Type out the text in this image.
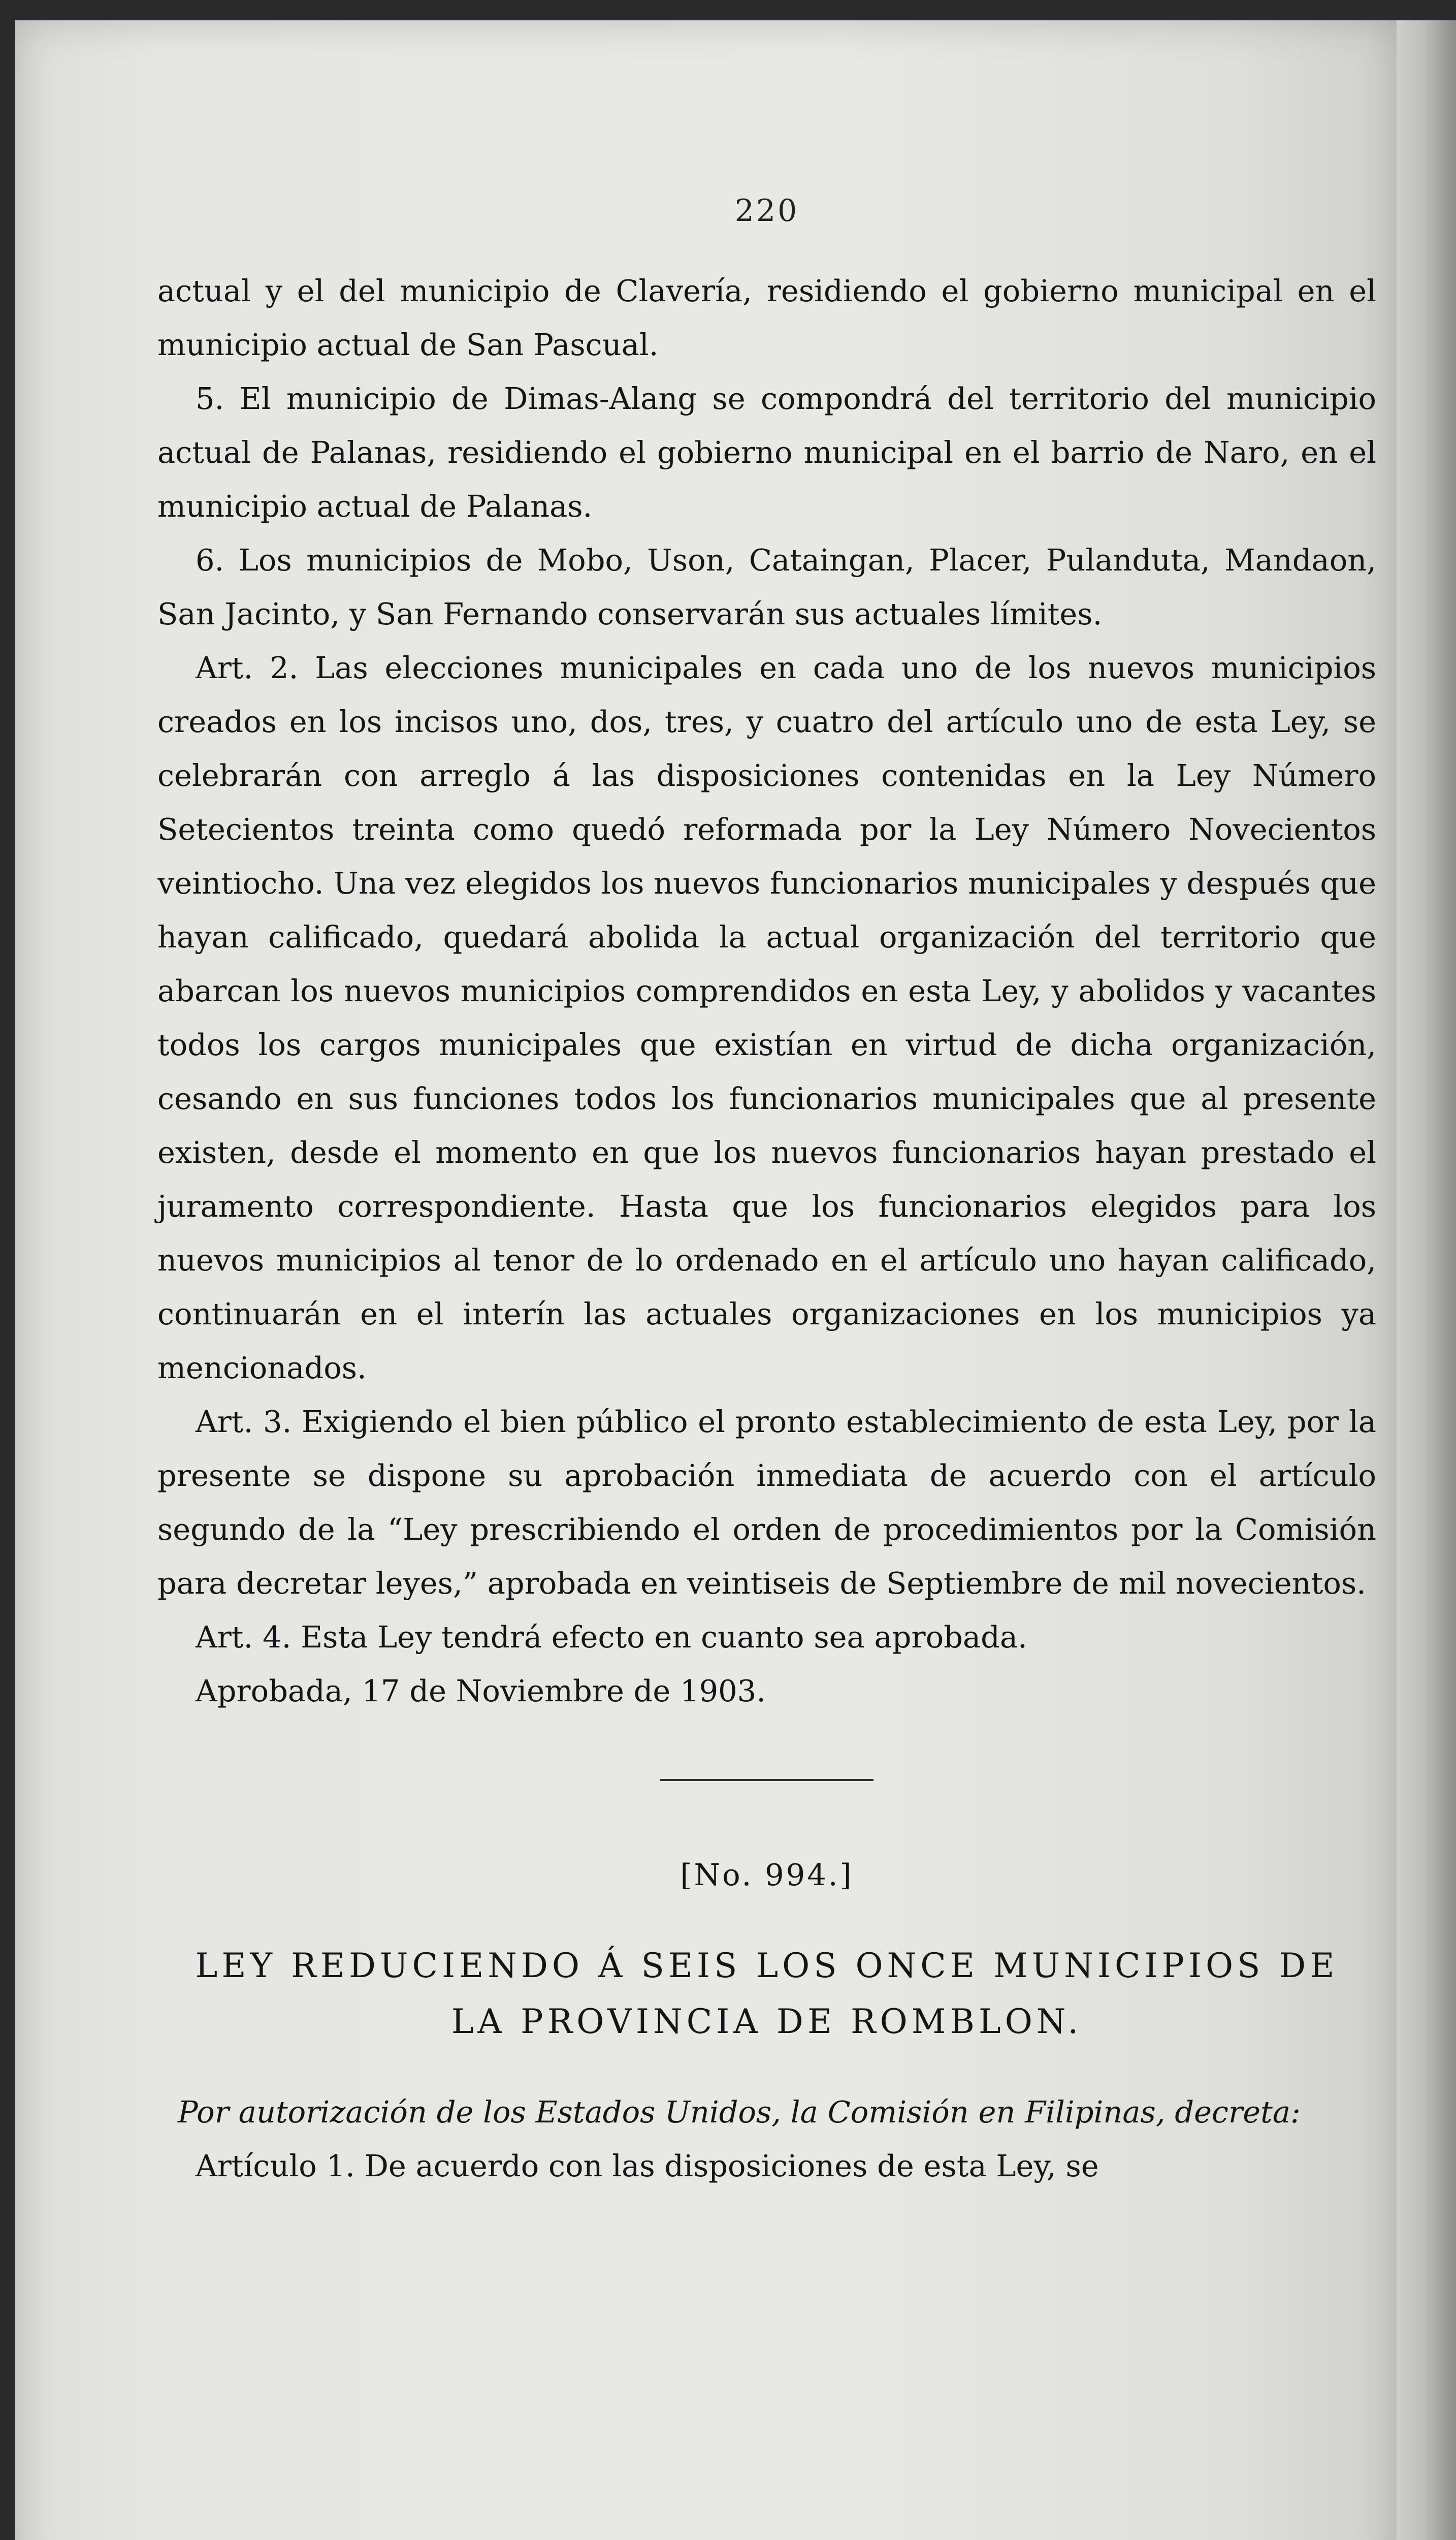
220

actual y el del municipio de Clavería, residiendo el gobierno municipal en el municipio actual de San Pascual.

5. El municipio de Dimas-Alang se compondrá del territorio del municipio actual de Palanas, residiendo el gobierno municipal en el barrio de Naro, en el municipio actual de Palanas.

6. Los municipios de Mobo, Uson, Cataingan, Placer, Pulanduta, Mandaon, San Jacinto, y San Fernando conservarán sus actuales límites.

Art. 2. Las elecciones municipales en cada uno de los nuevos municipios creados en los incisos uno, dos, tres, y cuatro del artículo uno de esta Ley, se celebrarán con arreglo á las disposiciones contenidas en la Ley Número Setecientos treinta como quedó reformada por la Ley Número Novecientos veintiocho. Una vez elegidos los nuevos funcionarios municipales y después que hayan calificado, quedará abolida la actual organización del territorio que abarcan los nuevos municipios comprendidos en esta Ley, y abolidos y vacantes todos los cargos municipales que existían en virtud de dicha organización, cesando en sus funciones todos los funcionarios municipales que al presente existen, desde el momento en que los nuevos funcionarios hayan prestado el juramento correspondiente. Hasta que los funcionarios elegidos para los nuevos municipios al tenor de lo ordenado en el artículo uno hayan calificado, continuarán en el interín las actuales organizaciones en los municipios ya mencionados.

Art. 3. Exigiendo el bien público el pronto establecimiento de esta Ley, por la presente se dispone su aprobación inmediata de acuerdo con el artículo segundo de la “Ley prescribiendo el orden de procedimientos por la Comisión para decretar leyes,” aprobada en veintiseis de Septiembre de mil novecientos.

Art. 4. Esta Ley tendrá efecto en cuanto sea aprobada.

Aprobada, 17 de Noviembre de 1903.

[No. 994.]
LEY REDUCIENDO Á SEIS LOS ONCE MUNICIPIOS DE
LA PROVINCIA DE ROMBLON.

Por autorización de los Estados Unidos, la Comisión en Filipinas, decreta:

Artículo 1. De acuerdo con las disposiciones de esta Ley, se
